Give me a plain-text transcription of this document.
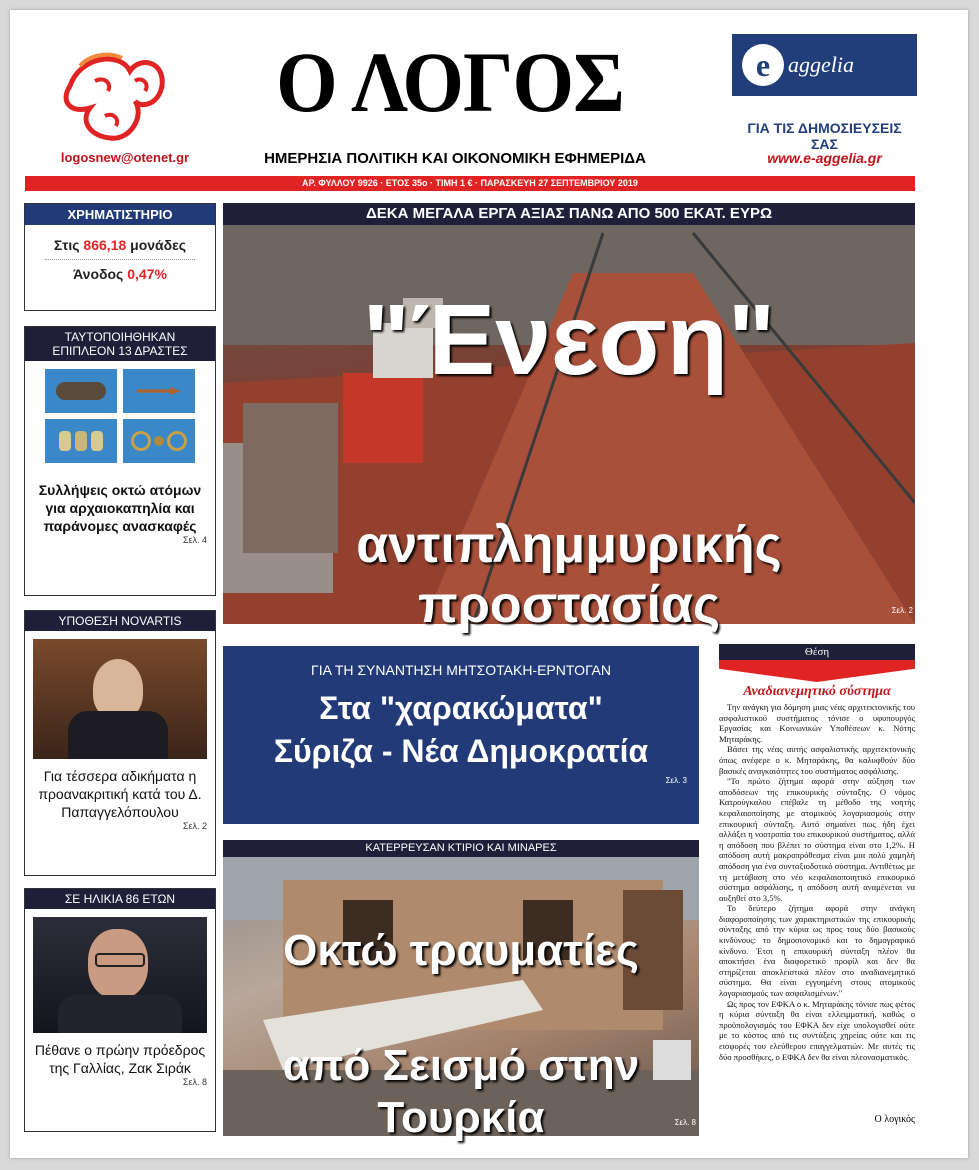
logosnew@otenet.gr
Ο ΛΟΓΟΣ
ΗΜΕΡΗΣΙΑ ΠΟΛΙΤΙΚΗ ΚΑΙ ΟΙΚΟΝΟΜΙΚΗ ΕΦΗΜΕΡΙΔΑ
e aggelia
ΓΙΑ ΤΙΣ ΔΗΜΟΣΙΕΥΣΕΙΣ ΣΑΣ
www.e-aggelia.gr
ΑΡ. ΦΥΛΛΟΥ 9926 · ΕΤΟΣ 35ο · ΤΙΜΗ 1 € · ΠΑΡΑΣΚΕΥΗ 27 ΣΕΠΤΕΜΒΡΙΟΥ 2019
ΧΡΗΜΑΤΙΣΤΗΡΙΟ
Στις 866,18 μονάδες
Άνοδος 0,47%
ΤΑΥΤΟΠΟΙΗΘΗΚΑΝ
ΕΠΙΠΛΕΟΝ 13 ΔΡΑΣΤΕΣ
Συλλήψεις οκτώ ατόμων για αρχαιοκαπηλία και παράνομες ανασκαφές
Σελ. 4
ΥΠΟΘΕΣΗ NOVARTIS
Για τέσσερα αδικήματα η προανακριτική κατά του Δ. Παπαγγελόπουλου
Σελ. 2
ΣΕ ΗΛΙΚΙΑ 86 ΕΤΩΝ
Πέθανε ο πρώην πρόεδρος της Γαλλίας, Ζακ Σιράκ
Σελ. 8
ΔΕΚΑ ΜΕΓΑΛΑ ΕΡΓΑ ΑΞΙΑΣ ΠΑΝΩ ΑΠΟ 500 ΕΚΑΤ. ΕΥΡΩ
"Ένεση"
αντιπλημμυρικής προστασίας	Σελ. 2
ΓΙΑ ΤΗ ΣΥΝΑΝΤΗΣΗ ΜΗΤΣΟΤΑΚΗ-ΕΡΝΤΟΓΑΝ
Στα "χαρακώματα"
Σύριζα - Νέα Δημοκρατία
Σελ. 3
ΚΑΤΕΡΡΕΥΣΑΝ ΚΤΙΡΙΟ ΚΑΙ ΜΙΝΑΡΕΣ
Οκτώ τραυματίες
από Σεισμό στην Τουρκία	Σελ. 8
Θέση
Αναδιανεμητικό σύστημα

Την ανάγκη για δόμηση μιας νέας αρχιτεκτονικής του ασφαλιστικού συστήματος τόνισε ο υφυπουργός Εργασίας και Κοινωνικών Υποθέσεων κ. Νότης Μηταράκης.

Βάσει της νέας αυτής ασφαλιστικής αρχιτεκτονικής όπως ανέφερε ο κ. Μηταράκης, θα καλυφθούν δύο βασικές αναγκαιότητες του συστήματος ασφάλισης.

"Το πρώτο ζήτημα αφορά στην αύξηση των αποδόσεων της επικουρικής σύνταξης. Ο νόμος Κατρούγκαλου επέβαλε τη μέθοδο της νοητής κεφαλαιοποίησης με ατομικούς λογαριασμούς στην επικουρική σύνταξη. Αυτό σημαίνει πως ήδη έχει αλλάξει η νοοτροπία του επικουρικού συστήματος, αλλά η απόδοση που βλέπει το σύστημα είναι στο 1,2%. Η απόδοση αυτή μακροπρόθεσμα είναι μια πολύ χαμηλή απόδοση για ένα συνταξιοδοτικό σύστημα. Αντιθέτως με τη μετάβαση στο νέο κεφαλαιοποιητικό επικουρικό σύστημα ασφάλισης, η απόδοση αυτή αναμένεται να αυξηθεί στο 3,5%.

Το δεύτερο ζήτημα αφορά στην ανάγκη διαφοροποίησης των χαρακτηριστικών της επικουρικής σύνταξης από την κύρια ως προς τους δύο βασικούς κινδύνους: το δημοσιονομικό και το δημογραφικό κίνδυνο. Έτσι η επικουρική σύνταξη πλέον θα αποκτήσει ένα διαφορετικό προφίλ και δεν θα στηρίζεται αποκλειστικά πλέον στο αναδιανεμητικό σύστημα. Θα είναι εγγυημένη στους ατομικούς λογαριασμούς των ασφαλισμένων."

Ως προς τον ΕΦΚΑ ο κ. Μηταράκης τόνισε πως φέτος η κύρια σύνταξη θα είναι ελλειμματική, καθώς ο προϋπολογισμός του ΕΦΚΑ δεν είχε υπολογισθεί ούτε με το κόστος από τις συντάξεις χηρείας ούτε και τις εισφορές του ελεύθερου επαγγελματιών. Με αυτές τις δύο προσθήκες, ο ΕΦΚΑ δεν θα είναι πλεονασματικός.

Ο λογικός
